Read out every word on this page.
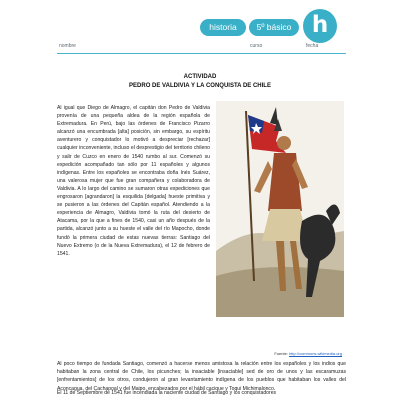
historia	5º básico h
nombre	curso	fecha
ACTIVIDAD
PEDRO DE VALDIVIA Y LA CONQUISTA DE CHILE

Al igual que Diego de Almagro, el capitán don Pedro de Valdivia provenía de una pequeña aldea de la región española de Extremadura. En Perú, bajo las órdenes de Francisco Pizarro alcanzó una encumbrada [alta] posición, sin embargo, su espíritu aventurero y conquistador lo motivó a despreciar [rechazar] cualquier inconveniente, incluso el desprestigio del territorio chileno y salir de Cuzco en enero de 1540 rumbo al sur. Comenzó su expedición acompañado tan sólo por 11 españoles y algunos indígenas. Entre los españoles se encontraba doña Inés Suárez, una valerosa mujer que fue gran compañera y colaboradora de Valdivia. A lo largo del camino se sumaron otras expediciones que engrosaron [agrandaron] la esquilida [delgada] hueste primitiva y se pusieron a las órdenes del Capitán español. Atendiendo a la experiencia de Almagro, Valdivia tomó la ruta del desierto de Atacama, por la que a fines de 1540, casi un año después de la partida, alcanzó junto a su hueste el valle del río Mapocho, donde fundó la primera ciudad de estas nuevas tierras: Santiago del Nuevo Extremo (o de la Nueva Extremadura), el 12 de febrero de 1541.

Fuente: http://commons.wikimedia.org

Al poco tiempo de fundada Santiago, comenzó a hacerse menos amistosa la relación entre los españoles y los indios que habitaban la zona central de Chile, los picunches; la insaciable [insaciable] sed de oro de unos y las escaramuzas [enfrentamientos] de los otros, condujeron al gran levantamiento indígena de los pueblos que habitaban los valles del Aconcagua, del Cachapoal y del Maipo, encabezados por el hábil cacique y Toqui Michimalonco.

El 11 de Septiembre de 1541 fue incendiada la naciente ciudad de Santiago y los conquistadores
